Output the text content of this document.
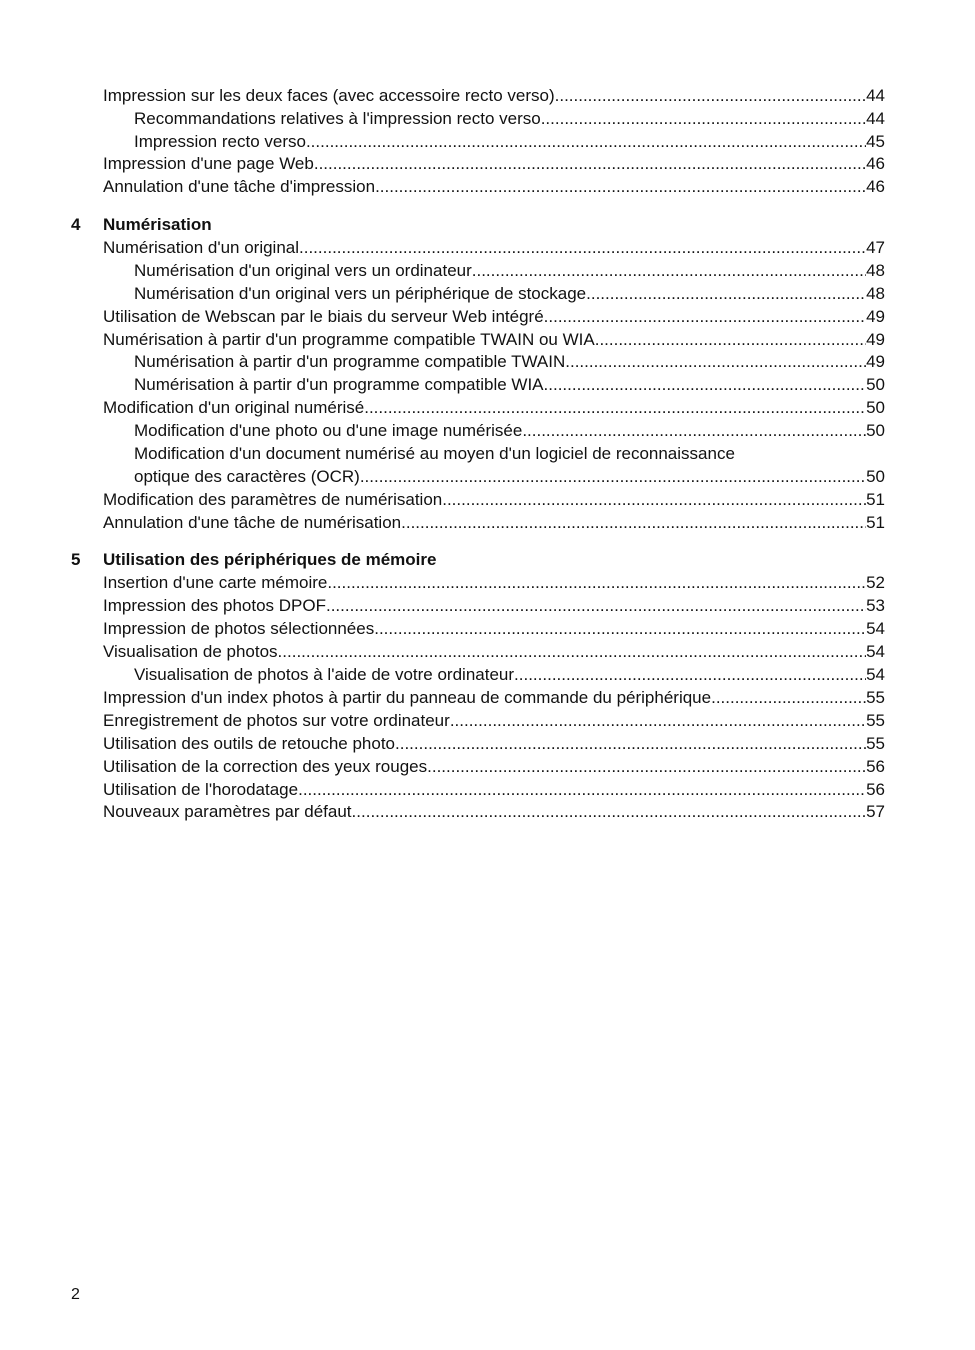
Impression sur les deux faces (avec accessoire recto verso) .....	44
Recommandations relatives à l'impression recto verso .....	44
Impression recto verso .....	45
Impression d'une page Web .....	46
Annulation d'une tâche d'impression .....	46
4 Numérisation
Numérisation d'un original .....	47
Numérisation d'un original vers un ordinateur .....	48
Numérisation d'un original vers un périphérique de stockage .....	48
Utilisation de Webscan par le biais du serveur Web intégré .....	49
Numérisation à partir d'un programme compatible TWAIN ou WIA .....	49
Numérisation à partir d'un programme compatible TWAIN .....	49
Numérisation à partir d'un programme compatible WIA .....	50
Modification d'un original numérisé .....	50
Modification d'une photo ou d'une image numérisée .....	50
Modification d'un document numérisé au moyen d'un logiciel de reconnaissance
optique des caractères (OCR) .....	50
Modification des paramètres de numérisation .....	51
Annulation d'une tâche de numérisation .....	51
5 Utilisation des périphériques de mémoire
Insertion d'une carte mémoire .....	52
Impression des photos DPOF .....	53
Impression de photos sélectionnées .....	54
Visualisation de photos .....	54
Visualisation de photos à l'aide de votre ordinateur .....	54
Impression d'un index photos à partir du panneau de commande du périphérique .....	55
Enregistrement de photos sur votre ordinateur .....	55
Utilisation des outils de retouche photo .....	55
Utilisation de la correction des yeux rouges .....	56
Utilisation de l'horodatage .....	56
Nouveaux paramètres par défaut .....	57
2
